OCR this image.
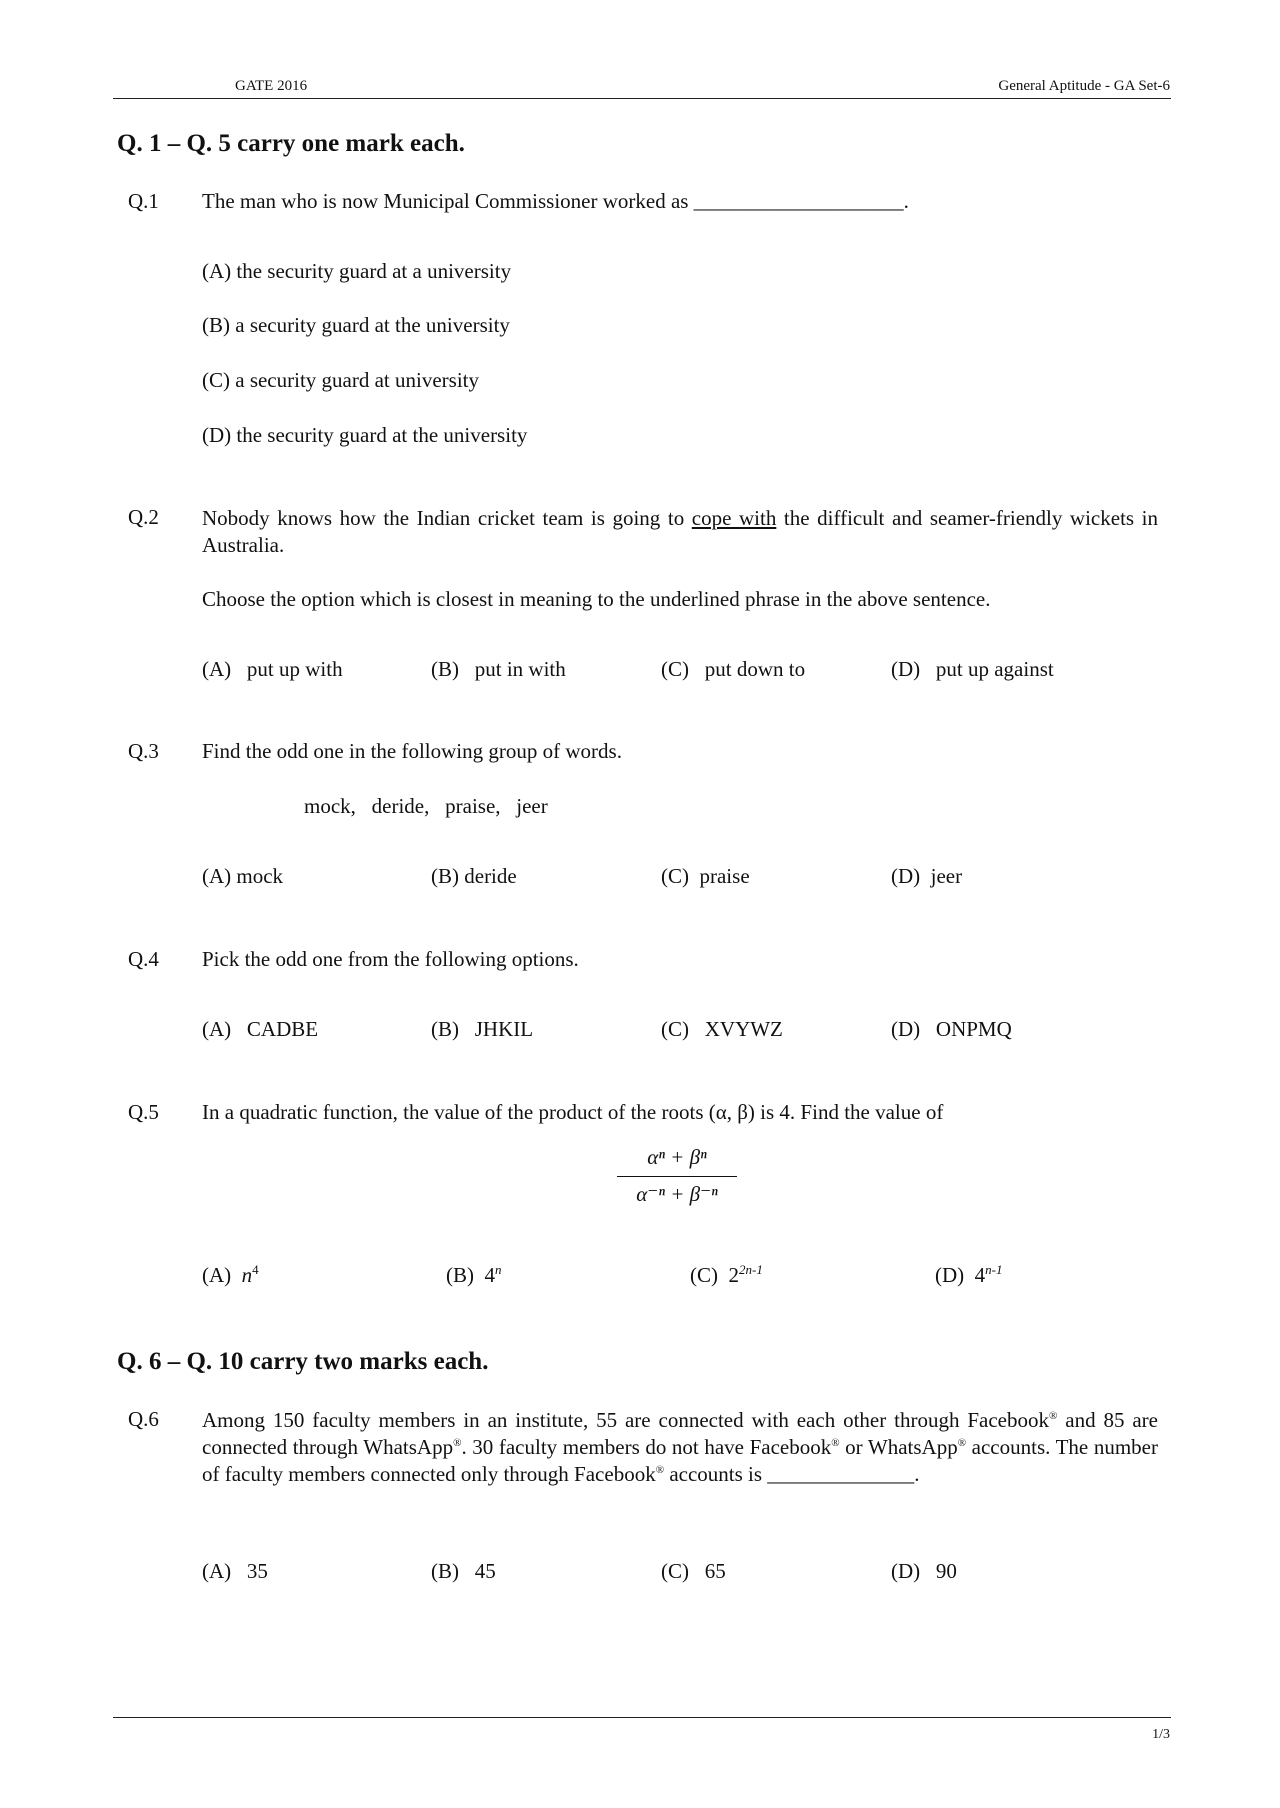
GATE 2016	General Aptitude - GA Set-6
Q. 1 – Q. 5 carry one mark each.
Q.1 The man who is now Municipal Commissioner worked as ____________________.
(A) the security guard at a university
(B) a security guard at the university
(C) a security guard at university
(D) the security guard at the university
Q.2 Nobody knows how the Indian cricket team is going to cope with the difficult and seamer-friendly wickets in Australia.
Choose the option which is closest in meaning to the underlined phrase in the above sentence.
(A)   put up with	(B)   put in with	(C)   put down to	(D)   put up against
Q.3 Find the odd one in the following group of words.
mock,   deride,   praise,   jeer
(A) mock	(B) deride	(C)  praise	(D)  jeer
Q.4 Pick the odd one from the following options.
(A)   CADBE	(B)   JHKIL	(C)   XVYWZ	(D)   ONPMQ
Q.5 In a quadratic function, the value of the product of the roots (α, β) is 4. Find the value of
$\frac{\text{αⁿ + βⁿ}}{\text{α⁻ⁿ + β⁻ⁿ}}$
(A) $n^4$	(B) 4$^n$	(C) $2^{2n-1}$	(D) 4$^{n-1}$
Q. 6 – Q. 10 carry two marks each.
Q.6 Among 150 faculty members in an institute, 55 are connected with each other through Facebook® and 85 are connected through WhatsApp®. 30 faculty members do not have Facebook® or WhatsApp® accounts. The number of faculty members connected only through Facebook® accounts is ______________.
(A)   35	(B)   45	(C)   65	(D)   90
1/3
